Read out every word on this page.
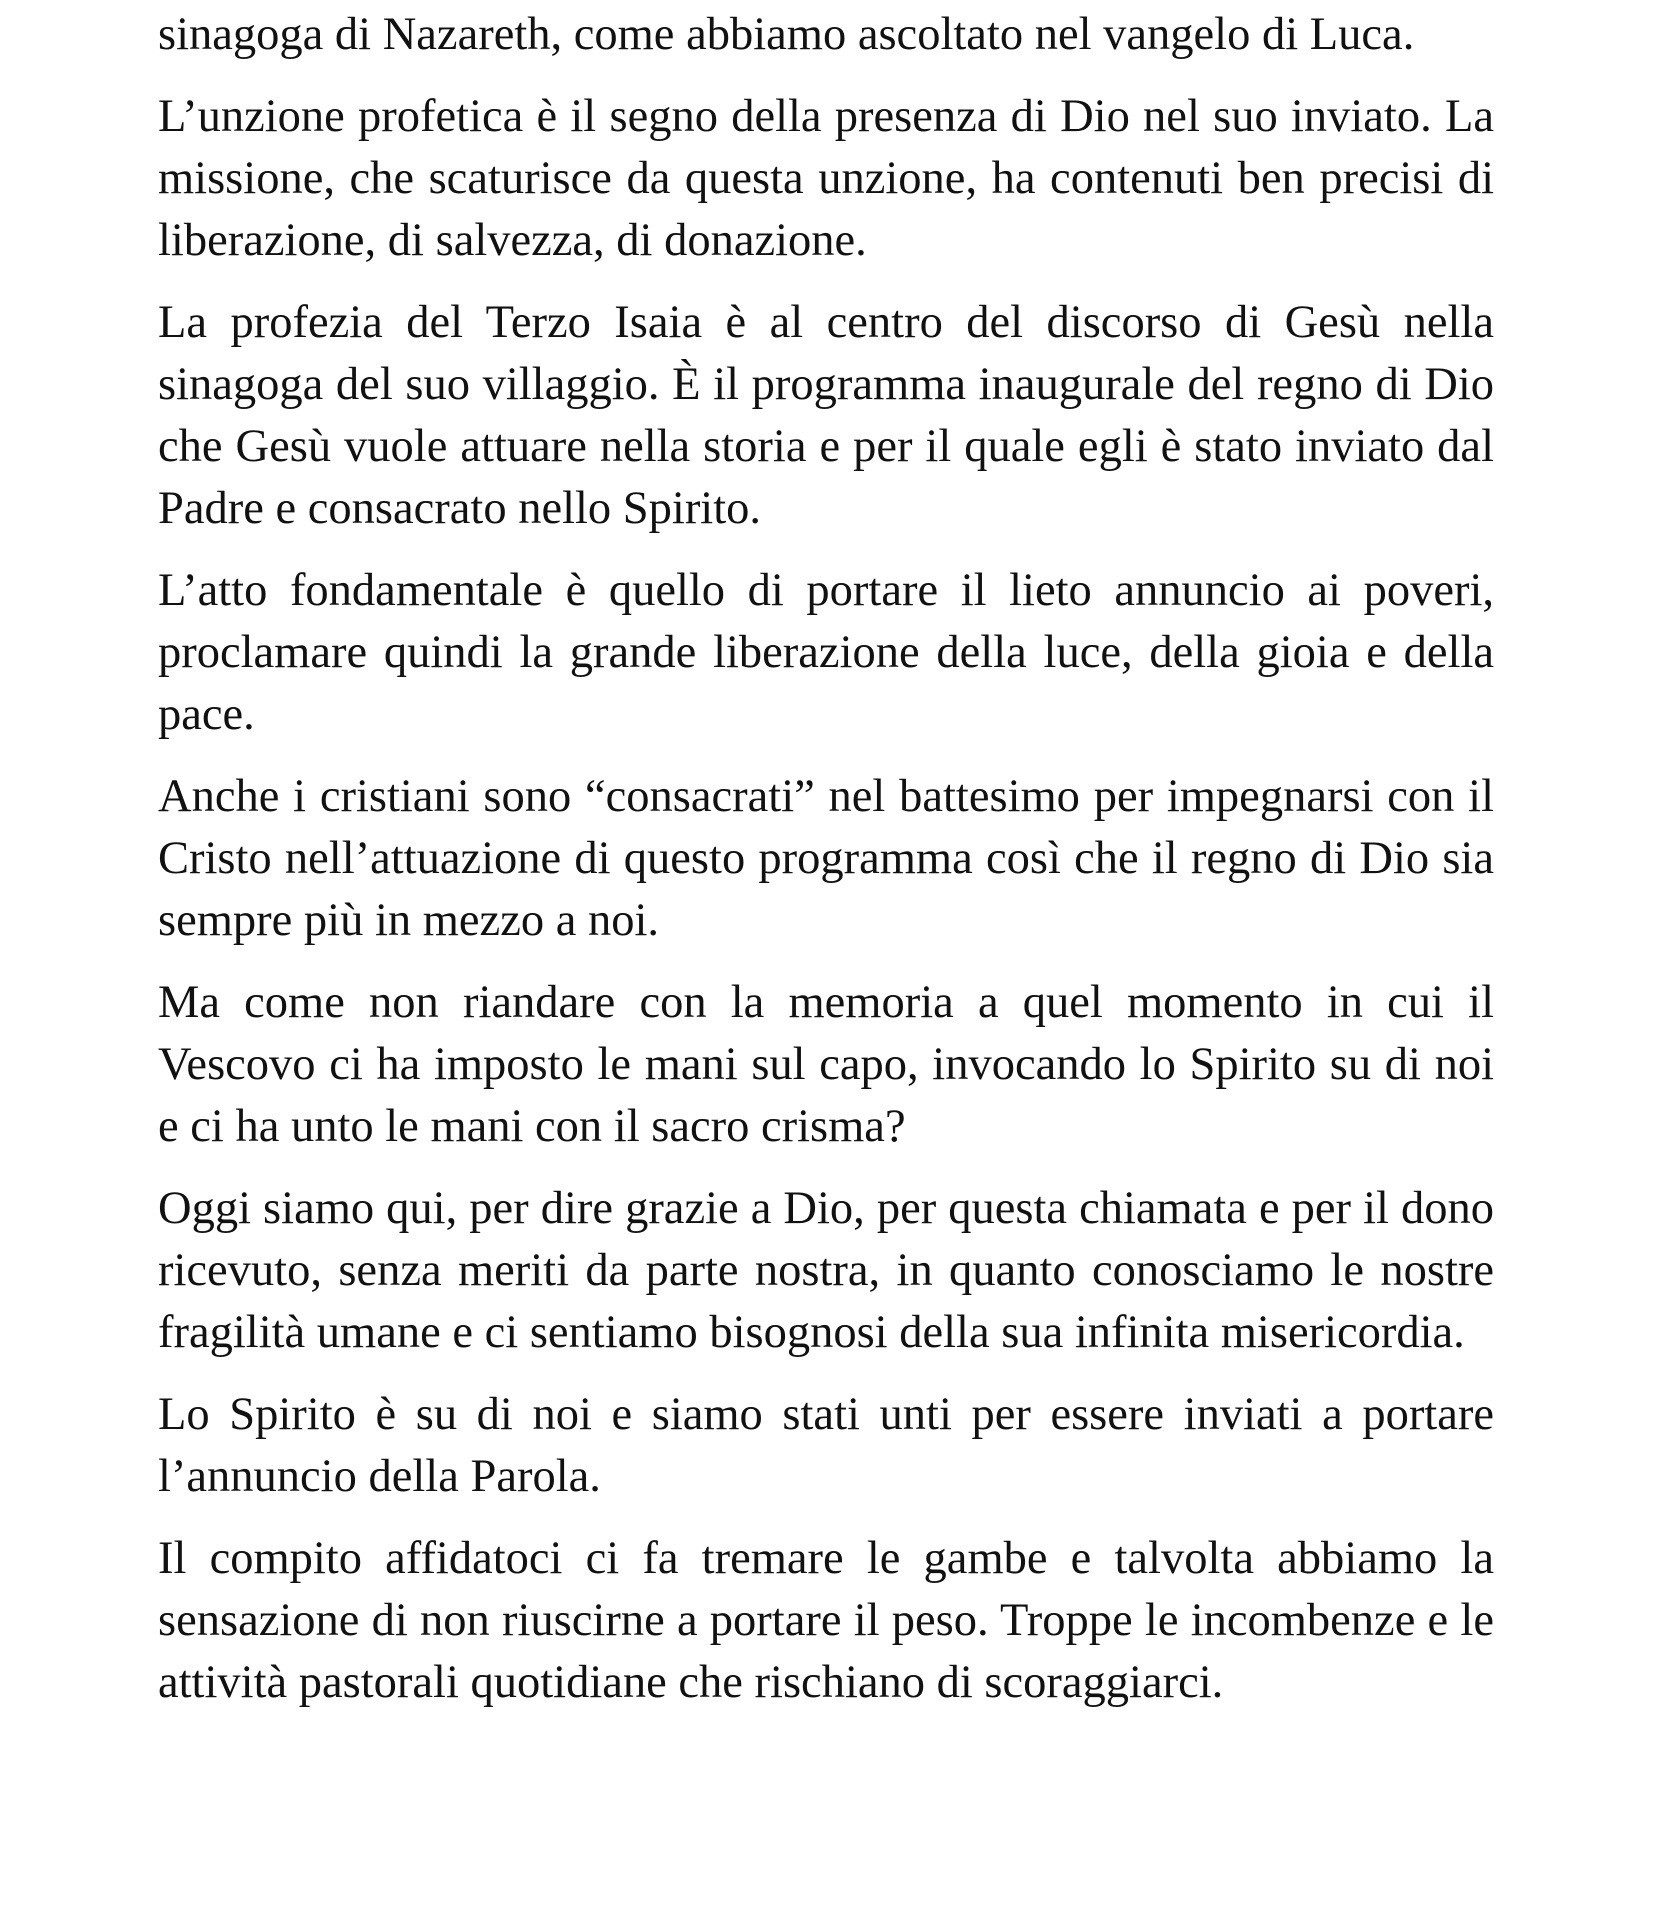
sinagoga di Nazareth, come abbiamo ascoltato nel vangelo di Luca.

L’unzione profetica è il segno della presenza di Dio nel suo inviato. La missione, che scaturisce da questa unzione, ha contenuti ben precisi di liberazione, di salvezza, di donazione.

La profezia del Terzo Isaia è al centro del discorso di Gesù nella sinagoga del suo villaggio. È il programma inaugurale del regno di Dio che Gesù vuole attuare nella storia e per il quale egli è stato inviato dal Padre e consacrato nello Spirito.

L’atto fondamentale è quello di portare il lieto annuncio ai poveri, proclamare quindi la grande liberazione della luce, della gioia e della pace.

Anche i cristiani sono “consacrati” nel battesimo per impegnarsi con il Cristo nell’attuazione di questo programma così che il regno di Dio sia sempre più in mezzo a noi.

Ma come non riandare con la memoria a quel momento in cui il Vescovo ci ha imposto le mani sul capo, invocando lo Spirito su di noi e ci ha unto le mani con il sacro crisma?

Oggi siamo qui, per dire grazie a Dio, per questa chiamata e per il dono ricevuto, senza meriti da parte nostra, in quanto conosciamo le nostre fragilità umane e ci sentiamo bisognosi della sua infinita misericordia.

Lo Spirito è su di noi e siamo stati unti per essere inviati a portare l’annuncio della Parola.

Il compito affidatoci ci fa tremare le gambe e talvolta abbiamo la sensazione di non riuscirne a portare il peso. Troppe le incombenze e le attività pastorali quotidiane che rischiano di scoraggiarci.
